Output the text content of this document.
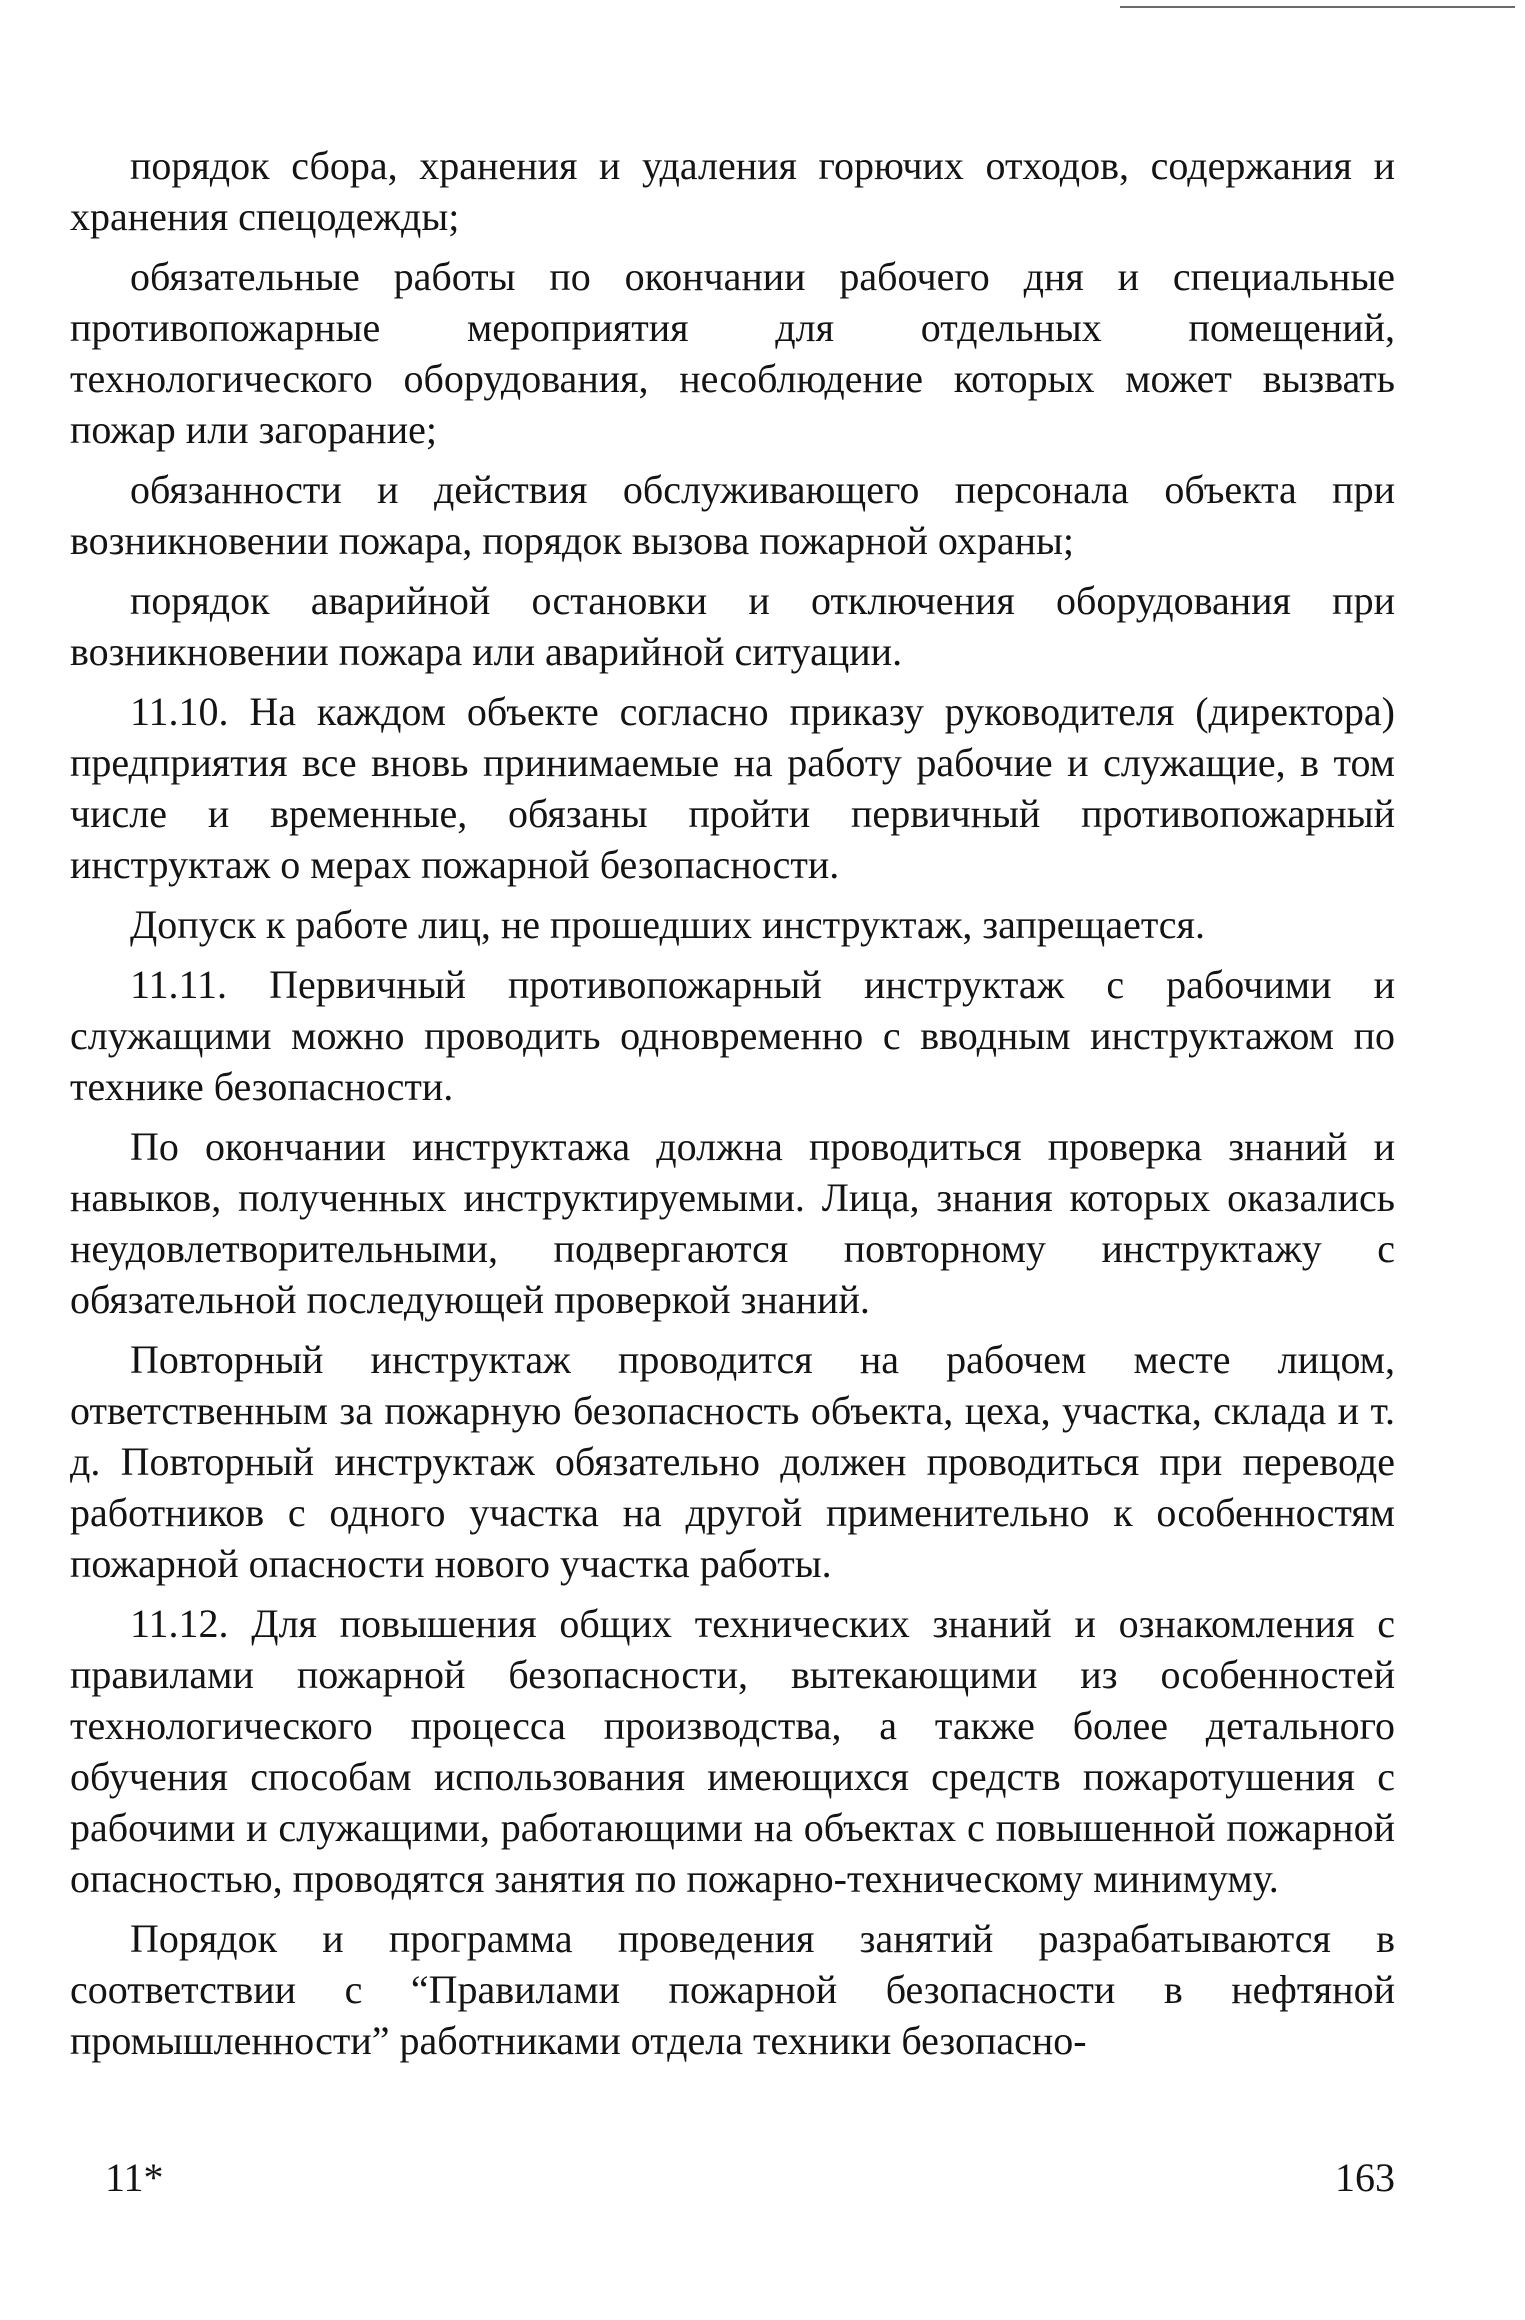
порядок сбора, хранения и удаления горючих отходов, содержания и хранения спецодежды;

обязательные работы по окончании рабочего дня и специальные противопожарные мероприятия для отдельных помещений, технологического оборудования, несоблюдение которых может вызвать пожар или загорание;

обязанности и действия обслуживающего персонала объекта при возникновении пожара, порядок вызова пожарной охраны;

порядок аварийной остановки и отключения оборудования при возникновении пожара или аварийной ситуации.

11.10. На каждом объекте согласно приказу руководителя (директора) предприятия все вновь принимаемые на работу рабочие и служащие, в том числе и временные, обязаны пройти первичный противопожарный инструктаж о мерах пожарной безопасности.

Допуск к работе лиц, не прошедших инструктаж, запрещается.

11.11. Первичный противопожарный инструктаж с рабочими и служащими можно проводить одновременно с вводным инструктажом по технике безопасности.

По окончании инструктажа должна проводиться проверка знаний и навыков, полученных инструктируемыми. Лица, знания которых оказались неудовлетворительными, подвергаются повторному инструктажу с обязательной последующей проверкой знаний.

Повторный инструктаж проводится на рабочем месте лицом, ответственным за пожарную безопасность объекта, цеха, участка, склада и т. д. Повторный инструктаж обязательно должен проводиться при переводе работников с одного участка на другой применительно к особенностям пожарной опасности нового участка работы.

11.12. Для повышения общих технических знаний и ознакомления с правилами пожарной безопасности, вытекающими из особенностей технологического процесса производства, а также более детального обучения способам использования имеющихся средств пожаротушения с рабочими и служащими, работающими на объектах с повышенной пожарной опасностью, проводятся занятия по пожарно-техническому минимуму.

Порядок и программа проведения занятий разрабатываются в соответствии с “Правилами пожарной безопасности в нефтяной промышленности” работниками отдела техники безопасно-

11*	163
